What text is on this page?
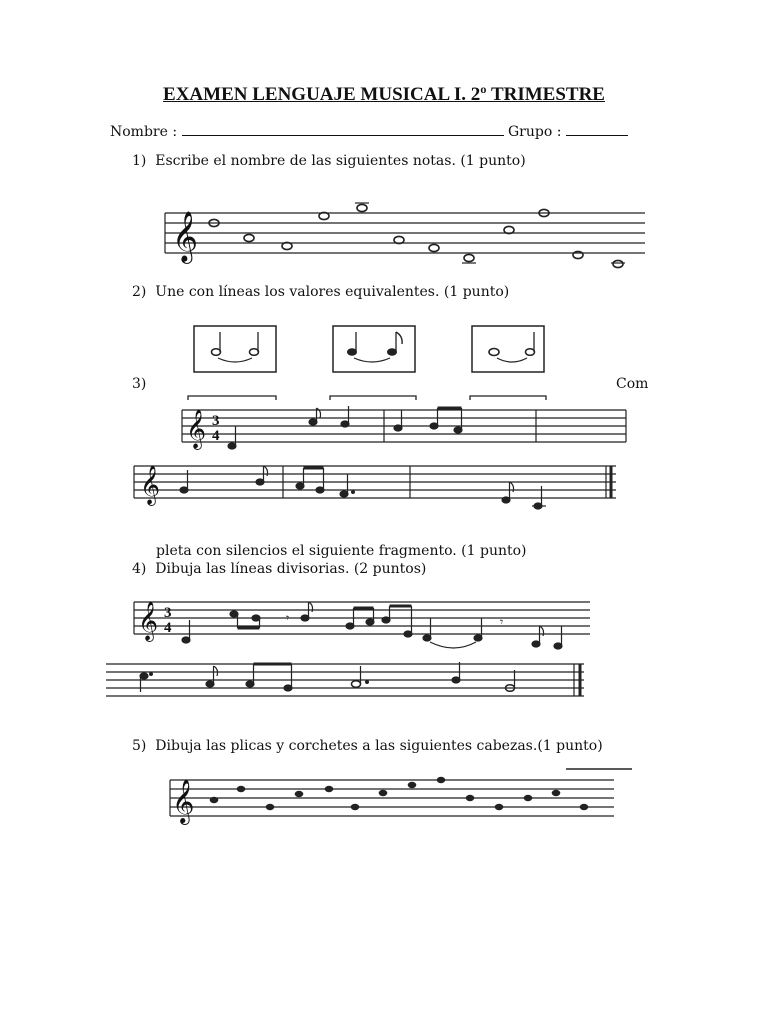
EXAMEN LENGUAJE MUSICAL I. 2º TRIMESTRE
Nombre :	Grupo :
1) Escribe el nombre de las siguientes notas. (1 punto)
𝄞
2) Une con líneas los valores equivalentes. (1 punto)
3)	Com
𝄞 3
4
𝄞
pleta con silencios el siguiente fragmento. (1 punto)
4) Dibuja las líneas divisorias. (2 puntos)
𝄞 3
4
𝄾	𝄾
5) Dibuja las plicas y corchetes a las siguientes cabezas.(1 punto)
𝄞
